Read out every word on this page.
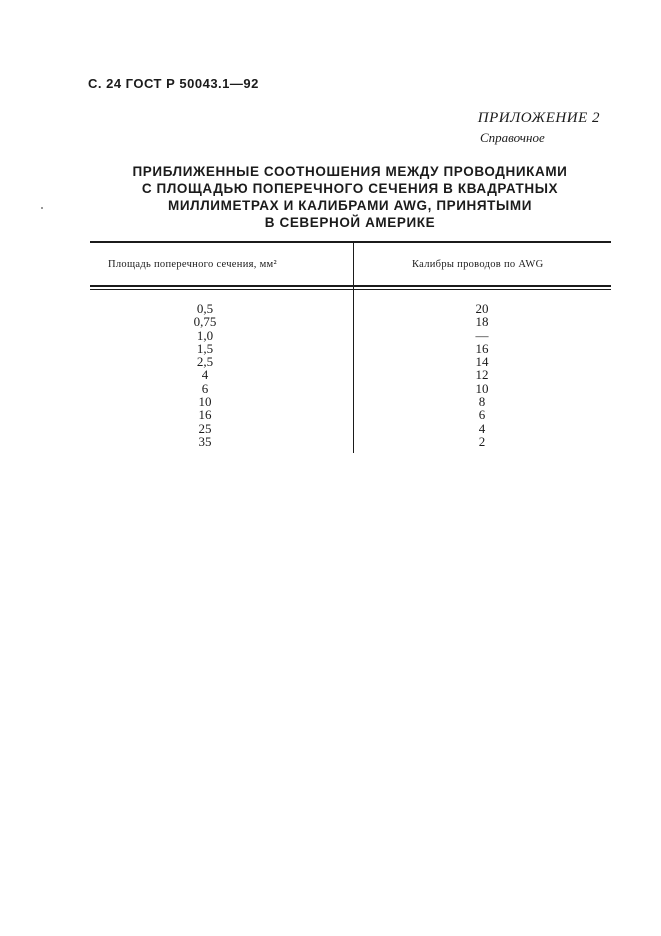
С. 24 ГОСТ Р 50043.1—92
ПРИЛОЖЕНИЕ 2
Справочное
ПРИБЛИЖЕННЫЕ СООТНОШЕНИЯ МЕЖДУ ПРОВОДНИКАМИ
С ПЛОЩАДЬЮ ПОПЕРЕЧНОГО СЕЧЕНИЯ В КВАДРАТНЫХ
МИЛЛИМЕТРАХ И КАЛИБРАМИ AWG, ПРИНЯТЫМИ
В СЕВЕРНОЙ АМЕРИКЕ
Площадь поперечного сечения, мм²	Калибры проводов по AWG
0,5
0,75
1,0
1,5
2,5
4
6
10
16
25
35
20
18
—
16
14
12
10
8
6
4
2
